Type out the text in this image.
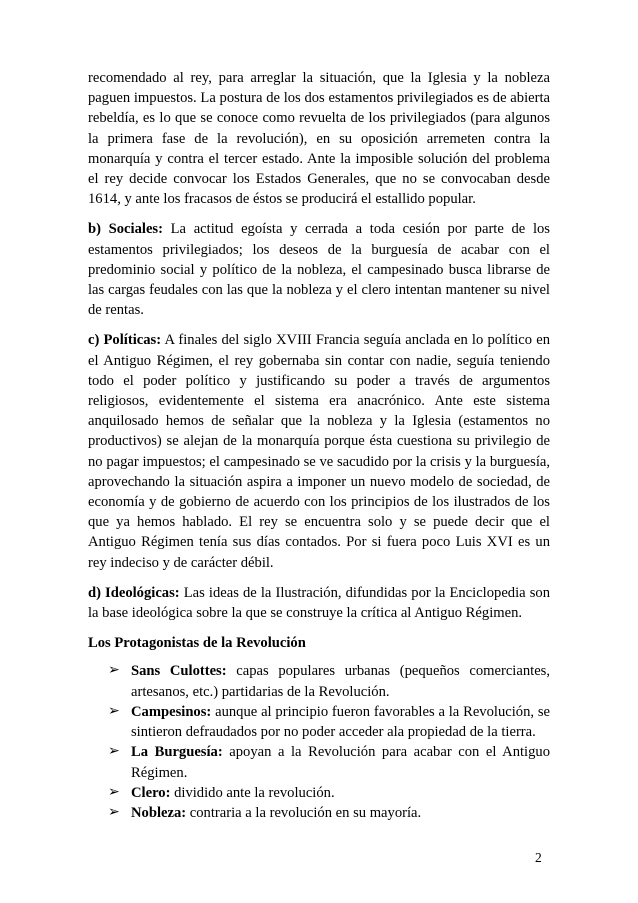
recomendado al rey, para arreglar la situación, que la Iglesia y la nobleza paguen impuestos. La postura de los dos estamentos privilegiados es de abierta rebeldía, es lo que se conoce como revuelta de los privilegiados (para algunos la primera fase de la revolución), en su oposición arremeten contra la monarquía y contra el tercer estado. Ante la imposible solución del problema el rey decide convocar los Estados Generales, que no se convocaban desde 1614, y ante los fracasos de éstos se producirá el estallido popular.

b) Sociales: La actitud egoísta y cerrada a toda cesión por parte de los estamentos privilegiados; los deseos de la burguesía de acabar con el predominio social y político de la nobleza, el campesinado busca librarse de las cargas feudales con las que la nobleza y el clero intentan mantener su nivel de rentas.

c) Políticas: A finales del siglo XVIII Francia seguía anclada en lo político en el Antiguo Régimen, el rey gobernaba sin contar con nadie, seguía teniendo todo el poder político y justificando su poder a través de argumentos religiosos, evidentemente el sistema era anacrónico. Ante este sistema anquilosado hemos de señalar que la nobleza y la Iglesia (estamentos no productivos) se alejan de la monarquía porque ésta cuestiona su privilegio de no pagar impuestos; el campesinado se ve sacudido por la crisis y la burguesía, aprovechando la situación aspira a imponer un nuevo modelo de sociedad, de economía y de gobierno de acuerdo con los principios de los ilustrados de los que ya hemos hablado. El rey se encuentra solo y se puede decir que el Antiguo Régimen tenía sus días contados. Por si fuera poco Luis XVI es un rey indeciso y de carácter débil.

d) Ideológicas: Las ideas de la Ilustración, difundidas por la Enciclopedia son la base ideológica sobre la que se construye la crítica al Antiguo Régimen.

Los Protagonistas de la Revolución
➢ Sans Culottes: capas populares urbanas (pequeños comerciantes, artesanos, etc.) partidarias de la Revolución.
➢ Campesinos: aunque al principio fueron favorables a la Revolución, se sintieron defraudados por no poder acceder ala propiedad de la tierra.
➢ La Burguesía: apoyan a la Revolución para acabar con el Antiguo Régimen.
➢ Clero: dividido ante la revolución.
➢ Nobleza: contraria a la revolución en su mayoría.
2
